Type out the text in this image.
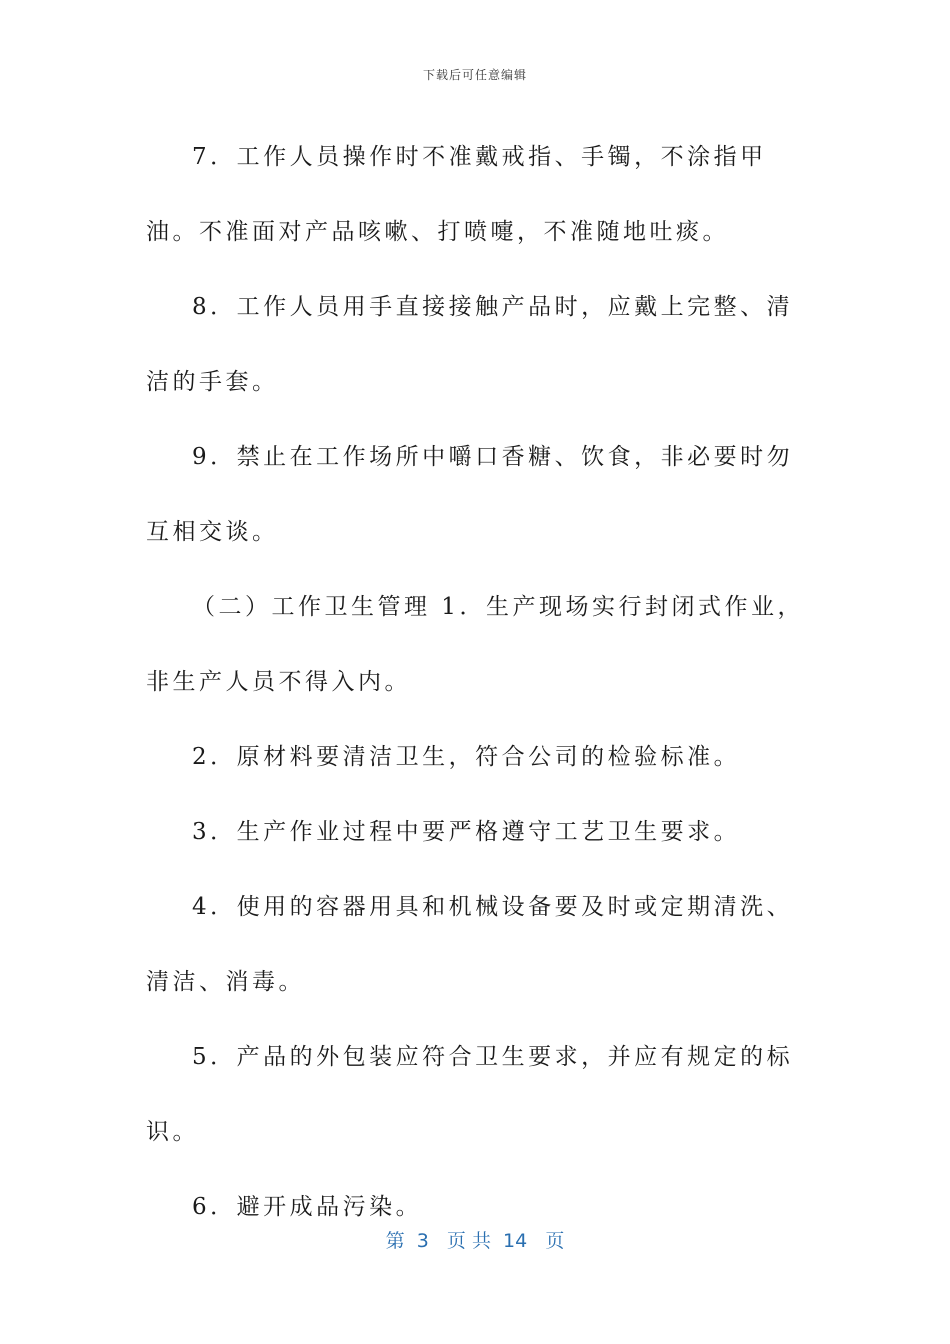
下载后可任意编辑

7．工作人员操作时不准戴戒指、手镯，不涂指甲油。不准面对产品咳嗽、打喷嚏，不准随地吐痰。

8．工作人员用手直接接触产品时，应戴上完整、清洁的手套。

9．禁止在工作场所中嚼口香糖、饮食，非必要时勿互相交谈。

（二）工作卫生管理 1．生产现场实行封闭式作业，非生产人员不得入内。

2．原材料要清洁卫生，符合公司的检验标准。

3．生产作业过程中要严格遵守工艺卫生要求。

4．使用的容器用具和机械设备要及时或定期清洗、清洁、消毒。

5．产品的外包装应符合卫生要求，并应有规定的标识。

6．避开成品污染。

第  3   页 共  14   页
